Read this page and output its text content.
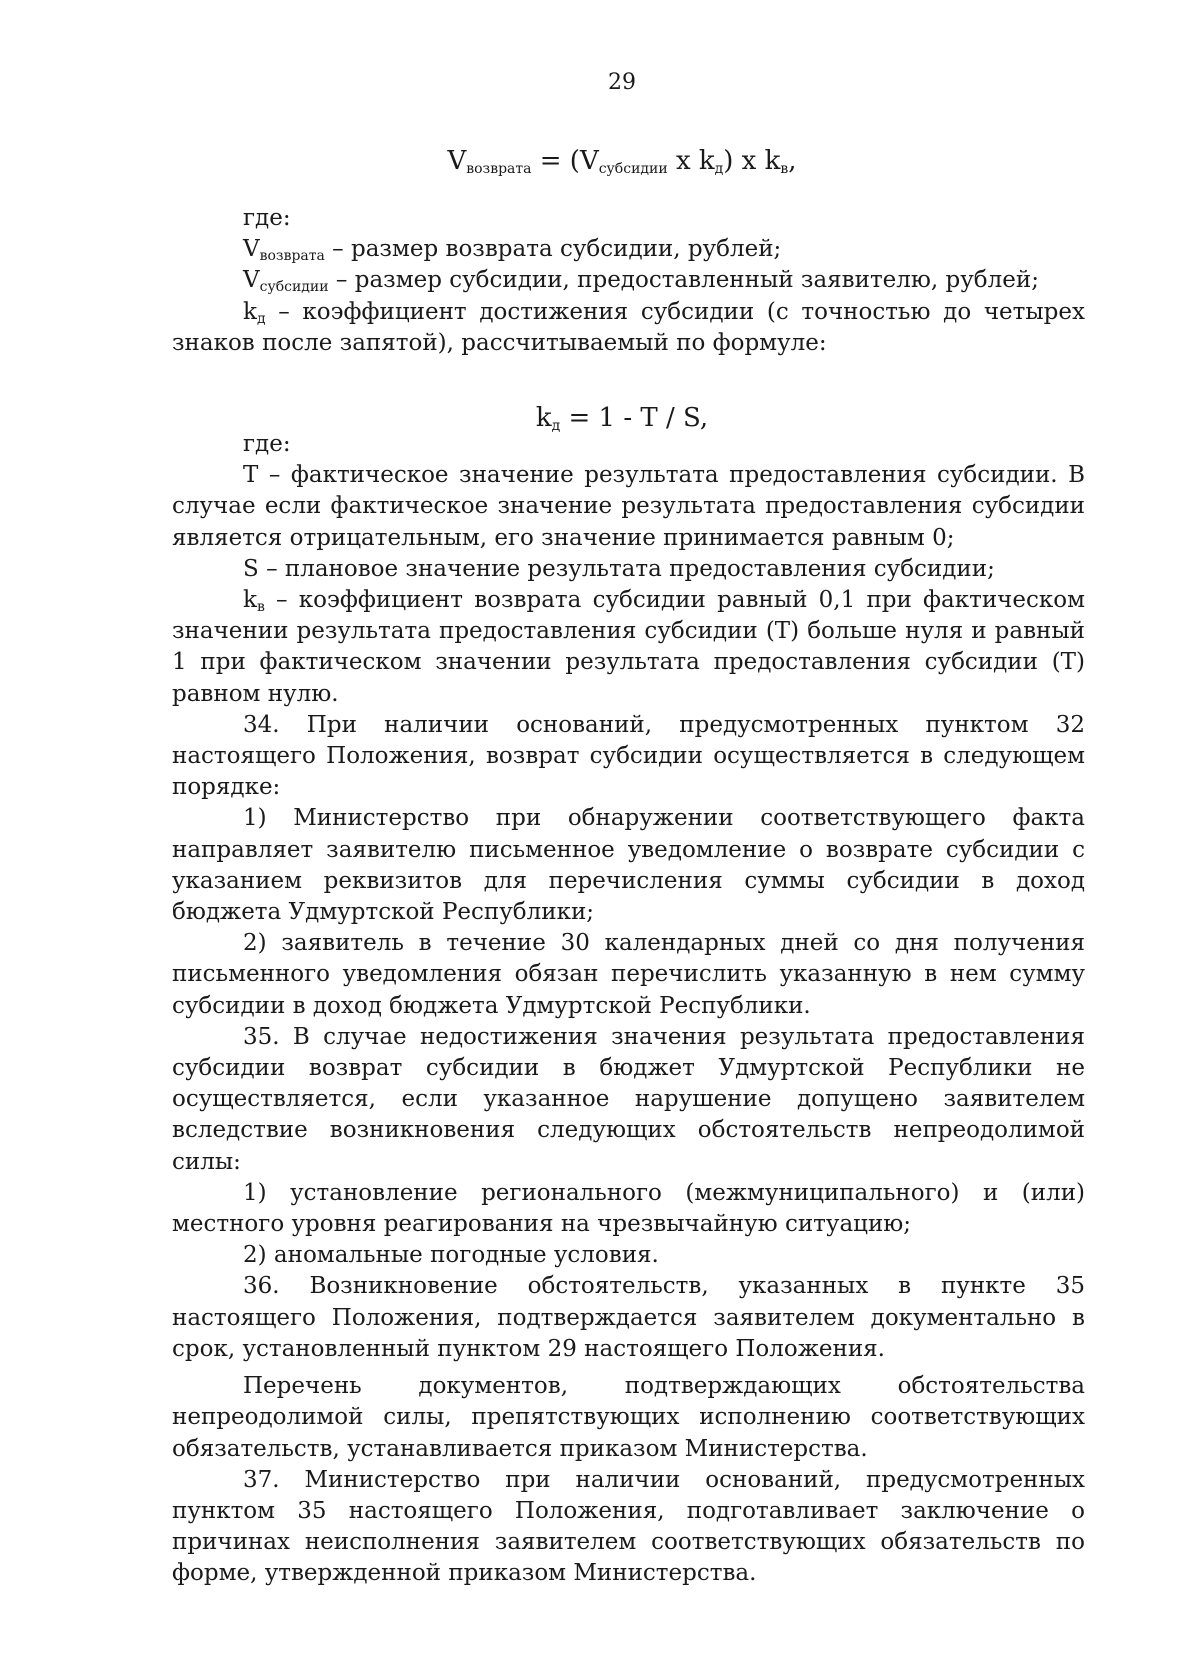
29
$V_{возврата} = (V_{субсидии}$ x $k_д$) x $k_в$,

где:

$V_{возврата}$ – размер возврата субсидии, рублей;

$V_{субсидии}$ – размер субсидии, предоставленный заявителю, рублей;

$k_д$ – коэффициент достижения субсидии (с точностью до четырех знаков после запятой), рассчитываемый по формуле:

$k_д = 1 - Т / S$,

где:

Т – фактическое значение результата предоставления субсидии. В случае если фактическое значение результата предоставления субсидии является отрицательным, его значение принимается равным 0;

S – плановое значение результата предоставления субсидии;

$k_в$ – коэффициент возврата субсидии равный 0,1 при фактическом значении результата предоставления субсидии (Т) больше нуля и равный 1 при фактическом значении результата предоставления субсидии (Т) равном нулю.

34. При наличии оснований, предусмотренных пунктом 32 настоящего Положения, возврат субсидии осуществляется в следующем порядке:

1) Министерство при обнаружении соответствующего факта направляет заявителю письменное уведомление о возврате субсидии с указанием реквизитов для перечисления суммы субсидии в доход бюджета Удмуртской Республики;

2) заявитель в течение 30 календарных дней со дня получения письменного уведомления обязан перечислить указанную в нем сумму субсидии в доход бюджета Удмуртской Республики.

35. В случае недостижения значения результата предоставления субсидии возврат субсидии в бюджет Удмуртской Республики не осуществляется, если указанное нарушение допущено заявителем вследствие возникновения следующих обстоятельств непреодолимой силы:

1) установление регионального (межмуниципального) и (или) местного уровня реагирования на чрезвычайную ситуацию;

2) аномальные погодные условия.

36. Возникновение обстоятельств, указанных в пункте 35 настоящего Положения, подтверждается заявителем документально в срок, установленный пунктом 29 настоящего Положения.

Перечень документов, подтверждающих обстоятельства непреодолимой силы, препятствующих исполнению соответствующих обязательств, устанавливается приказом Министерства.

37. Министерство при наличии оснований, предусмотренных пунктом 35 настоящего Положения, подготавливает заключение о причинах неисполнения заявителем соответствующих обязательств по форме, утвержденной приказом Министерства.
